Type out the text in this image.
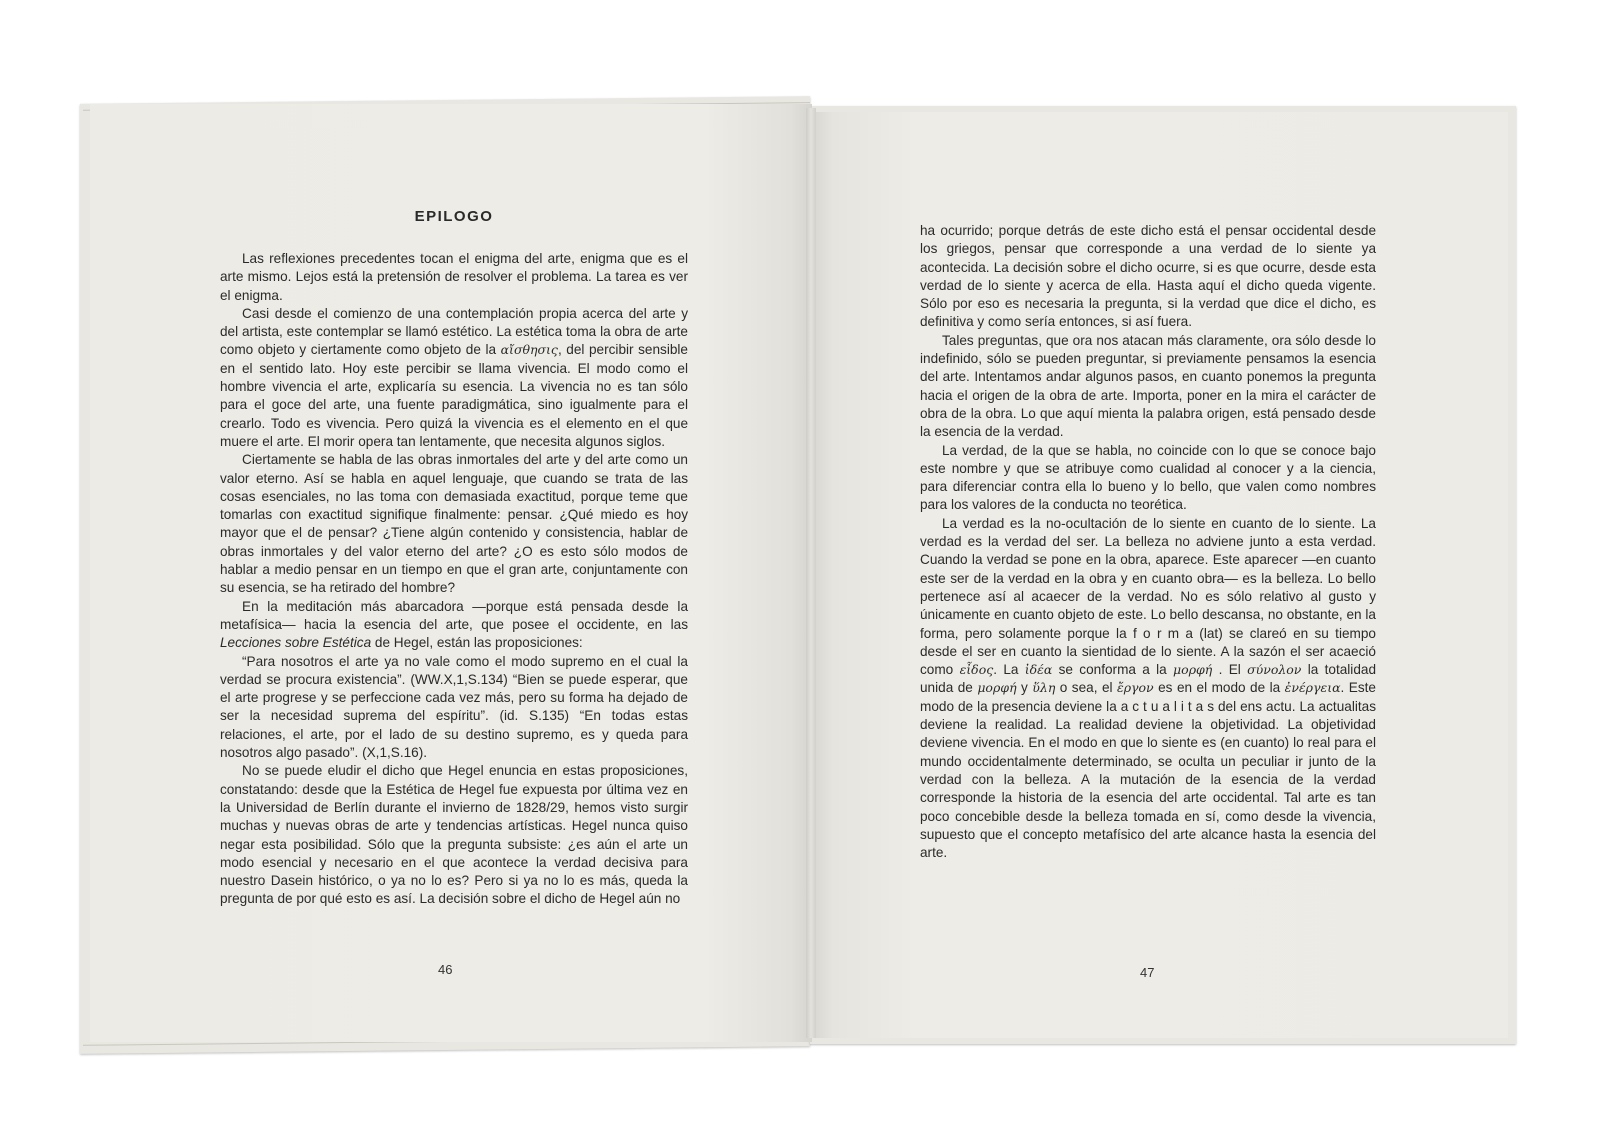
EPILOGO

Las reflexiones precedentes tocan el enigma del arte, enigma que es el arte mismo. Lejos está la pretensión de resolver el problema. La tarea es ver el enigma.

Casi desde el comienzo de una contemplación propia acerca del arte y del artista, este contemplar se llamó estético. La estética toma la obra de arte como objeto y ciertamente como objeto de la αἴσθησις, del percibir sensible en el sentido lato. Hoy este percibir se llama vivencia. El modo como el hombre vivencia el arte, explicaría su esencia. La vivencia no es tan sólo para el goce del arte, una fuente paradigmática, sino igualmente para el crearlo. Todo es vivencia. Pero quizá la vivencia es el elemento en el que muere el arte. El morir opera tan lentamente, que necesita algunos siglos.

Ciertamente se habla de las obras inmortales del arte y del arte como un valor eterno. Así se habla en aquel lenguaje, que cuando se trata de las cosas esenciales, no las toma con demasiada exactitud, porque teme que tomarlas con exactitud signifique finalmente: pensar. ¿Qué miedo es hoy mayor que el de pensar? ¿Tiene algún contenido y consistencia, hablar de obras inmortales y del valor eterno del arte? ¿O es esto sólo modos de hablar a medio pensar en un tiempo en que el gran arte, conjuntamente con su esencia, se ha retirado del hombre?

En la meditación más abarcadora —porque está pensada desde la metafísica— hacia la esencia del arte, que posee el occidente, en las Lecciones sobre Estética de Hegel, están las proposiciones:

“Para nosotros el arte ya no vale como el modo supremo en el cual la verdad se procura existencia”. (WW.X,1,S.134) “Bien se puede esperar, que el arte progrese y se perfeccione cada vez más, pero su forma ha dejado de ser la necesidad suprema del espíritu”. (id. S.135) “En todas estas relaciones, el arte, por el lado de su destino supremo, es y queda para nosotros algo pasado”. (X,1,S.16).

No se puede eludir el dicho que Hegel enuncia en estas proposiciones, constatando: desde que la Estética de Hegel fue expuesta por última vez en la Universidad de Berlín durante el invierno de 1828/29, hemos visto surgir muchas y nuevas obras de arte y tendencias artísticas. Hegel nunca quiso negar esta posibilidad. Sólo que la pregunta subsiste: ¿es aún el arte un modo esencial y necesario en el que acontece la verdad decisiva para nuestro Dasein histórico, o ya no lo es? Pero si ya no lo es más, queda la pregunta de por qué esto es así. La decisión sobre el dicho de Hegel aún no

46

ha ocurrido; porque detrás de este dicho está el pensar occidental desde los griegos, pensar que corresponde a una verdad de lo siente ya acontecida. La decisión sobre el dicho ocurre, si es que ocurre, desde esta verdad de lo siente y acerca de ella. Hasta aquí el dicho queda vigente. Sólo por eso es necesaria la pregunta, si la verdad que dice el dicho, es definitiva y como sería entonces, si así fuera.

Tales preguntas, que ora nos atacan más claramente, ora sólo desde lo indefinido, sólo se pueden preguntar, si previamente pensamos la esencia del arte. Intentamos andar algunos pasos, en cuanto ponemos la pregunta hacia el origen de la obra de arte. Importa, poner en la mira el carácter de obra de la obra. Lo que aquí mienta la palabra origen, está pensado desde la esencia de la verdad.

La verdad, de la que se habla, no coincide con lo que se conoce bajo este nombre y que se atribuye como cualidad al conocer y a la ciencia, para diferenciar contra ella lo bueno y lo bello, que valen como nombres para los valores de la conducta no teorética.

La verdad es la no-ocultación de lo siente en cuanto de lo siente. La verdad es la verdad del ser. La belleza no adviene junto a esta verdad. Cuando la verdad se pone en la obra, aparece. Este aparecer —en cuanto este ser de la verdad en la obra y en cuanto obra— es la belleza. Lo bello pertenece así al acaecer de la verdad. No es sólo relativo al gusto y únicamente en cuanto objeto de este. Lo bello descansa, no obstante, en la forma, pero solamente porque la f o r m a (lat) se clareó en su tiempo desde el ser en cuanto la sientidad de lo siente. A la sazón el ser acaeció como εἶδος. La ἰδέα se conforma a la μορφή . El σύνολον la totalidad unida de μορφή y ὕλη o sea, el ἔργον es en el modo de la ἐνέργεια. Este modo de la presencia deviene la a c t u a l i t a s del ens actu. La actualitas deviene la realidad. La realidad deviene la objetividad. La objetividad deviene vivencia. En el modo en que lo siente es (en cuanto) lo real para el mundo occidentalmente determinado, se oculta un peculiar ir junto de la verdad con la belleza. A la mutación de la esencia de la verdad corresponde la historia de la esencia del arte occidental. Tal arte es tan poco concebible desde la belleza tomada en sí, como desde la vivencia, supuesto que el concepto metafísico del arte alcance hasta la esencia del arte.

47
